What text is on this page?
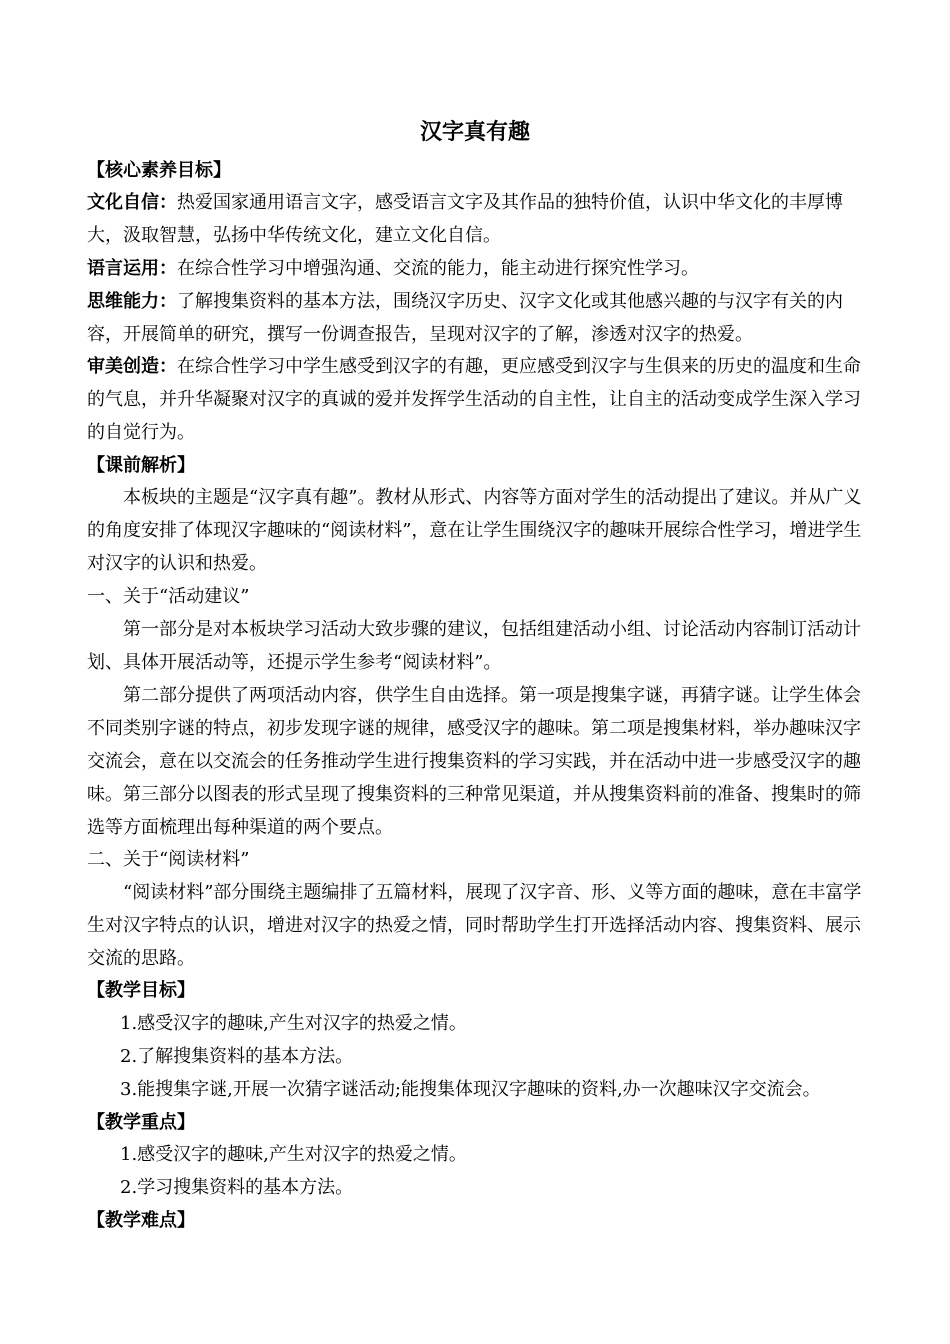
汉字真有趣
【核心素养目标】
文化自信：热爱国家通用语言文字，感受语言文字及其作品的独特价值，认识中华文化的丰厚博大，汲取智慧，弘扬中华传统文化，建立文化自信。
语言运用：在综合性学习中增强沟通、交流的能力，能主动进行探究性学习。
思维能力：了解搜集资料的基本方法，围绕汉字历史、汉字文化或其他感兴趣的与汉字有关的内容，开展简单的研究，撰写一份调查报告，呈现对汉字的了解，渗透对汉字的热爱。
审美创造：在综合性学习中学生感受到汉字的有趣，更应感受到汉字与生俱来的历史的温度和生命的气息，并升华凝聚对汉字的真诚的爱并发挥学生活动的自主性，让自主的活动变成学生深入学习的自觉行为。
【课前解析】
本板块的主题是“汉字真有趣”。教材从形式、内容等方面对学生的活动提出了建议。并从广义的角度安排了体现汉字趣味的“阅读材料”，意在让学生围绕汉字的趣味开展综合性学习，增进学生对汉字的认识和热爱。
一、关于“活动建议”
第一部分是对本板块学习活动大致步骤的建议，包括组建活动小组、讨论活动内容制订活动计划、具体开展活动等，还提示学生参考“阅读材料”。
第二部分提供了两项活动内容，供学生自由选择。第一项是搜集字谜，再猜字谜。让学生体会不同类别字谜的特点，初步发现字谜的规律，感受汉字的趣味。第二项是搜集材料，举办趣味汉字交流会，意在以交流会的任务推动学生进行搜集资料的学习实践，并在活动中进一步感受汉字的趣味。第三部分以图表的形式呈现了搜集资料的三种常见渠道，并从搜集资料前的准备、搜集时的筛选等方面梳理出每种渠道的两个要点。
二、关于“阅读材料”
“阅读材料”部分围绕主题编排了五篇材料，展现了汉字音、形、义等方面的趣味，意在丰富学生对汉字特点的认识，增进对汉字的热爱之情，同时帮助学生打开选择活动内容、搜集资料、展示交流的思路。
【教学目标】
1.感受汉字的趣味,产生对汉字的热爱之情。
2.了解搜集资料的基本方法。
3.能搜集字谜,开展一次猜字谜活动;能搜集体现汉字趣味的资料,办一次趣味汉字交流会。
【教学重点】
1.感受汉字的趣味,产生对汉字的热爱之情。
2.学习搜集资料的基本方法。
【教学难点】
